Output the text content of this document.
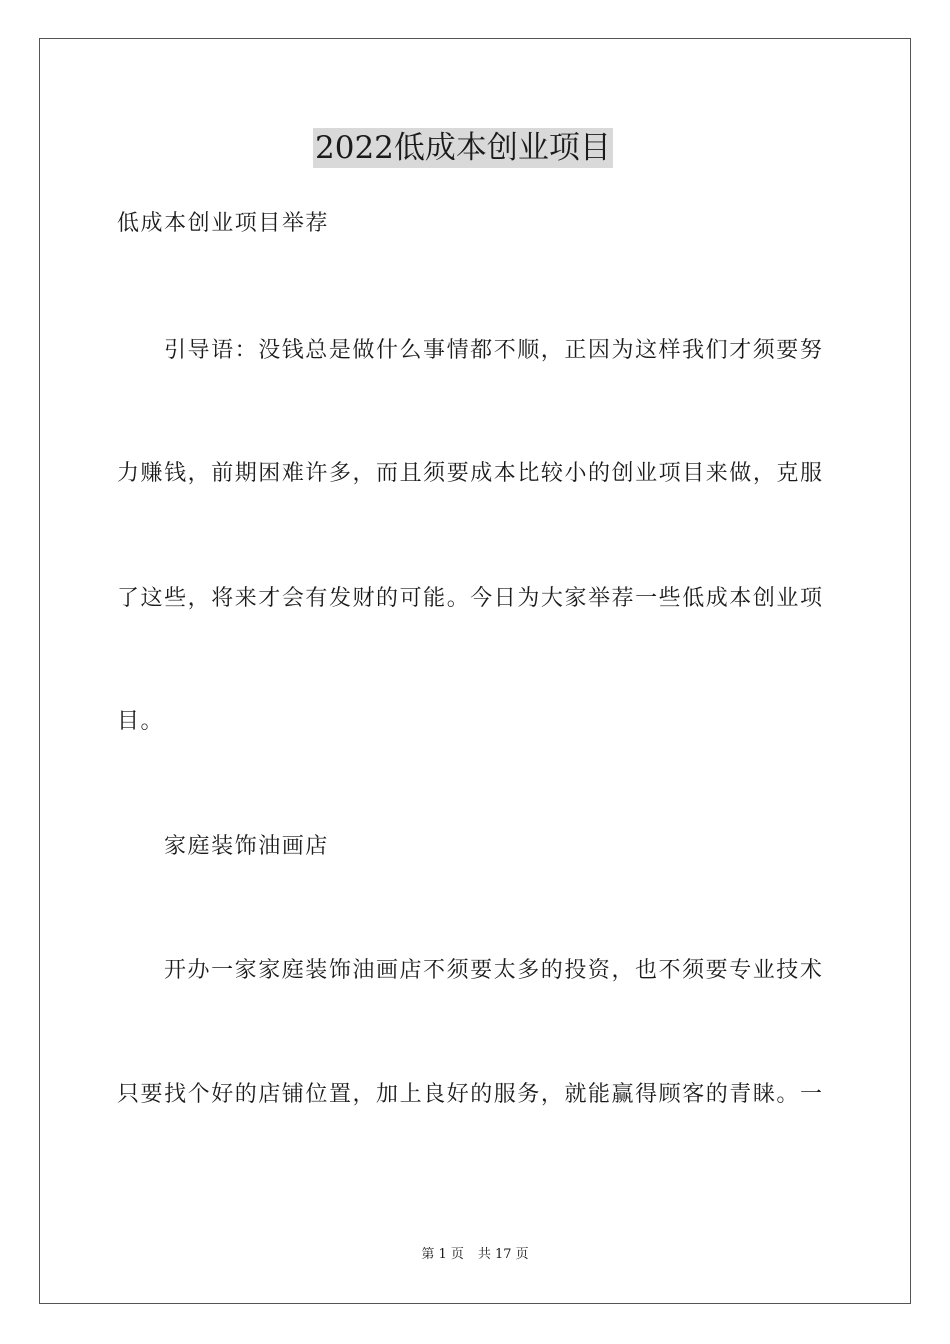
2022低成本创业项目
低成本创业项目举荐
引导语：没钱总是做什么事情都不顺，正因为这样我们才须要努
力赚钱，前期困难许多，而且须要成本比较小的创业项目来做，克服
了这些，将来才会有发财的可能。今日为大家举荐一些低成本创业项
目。
家庭装饰油画店
开办一家家庭装饰油画店不须要太多的投资，也不须要专业技术
只要找个好的店铺位置，加上良好的服务，就能赢得顾客的青睐。一
第 1 页 共 17 页
